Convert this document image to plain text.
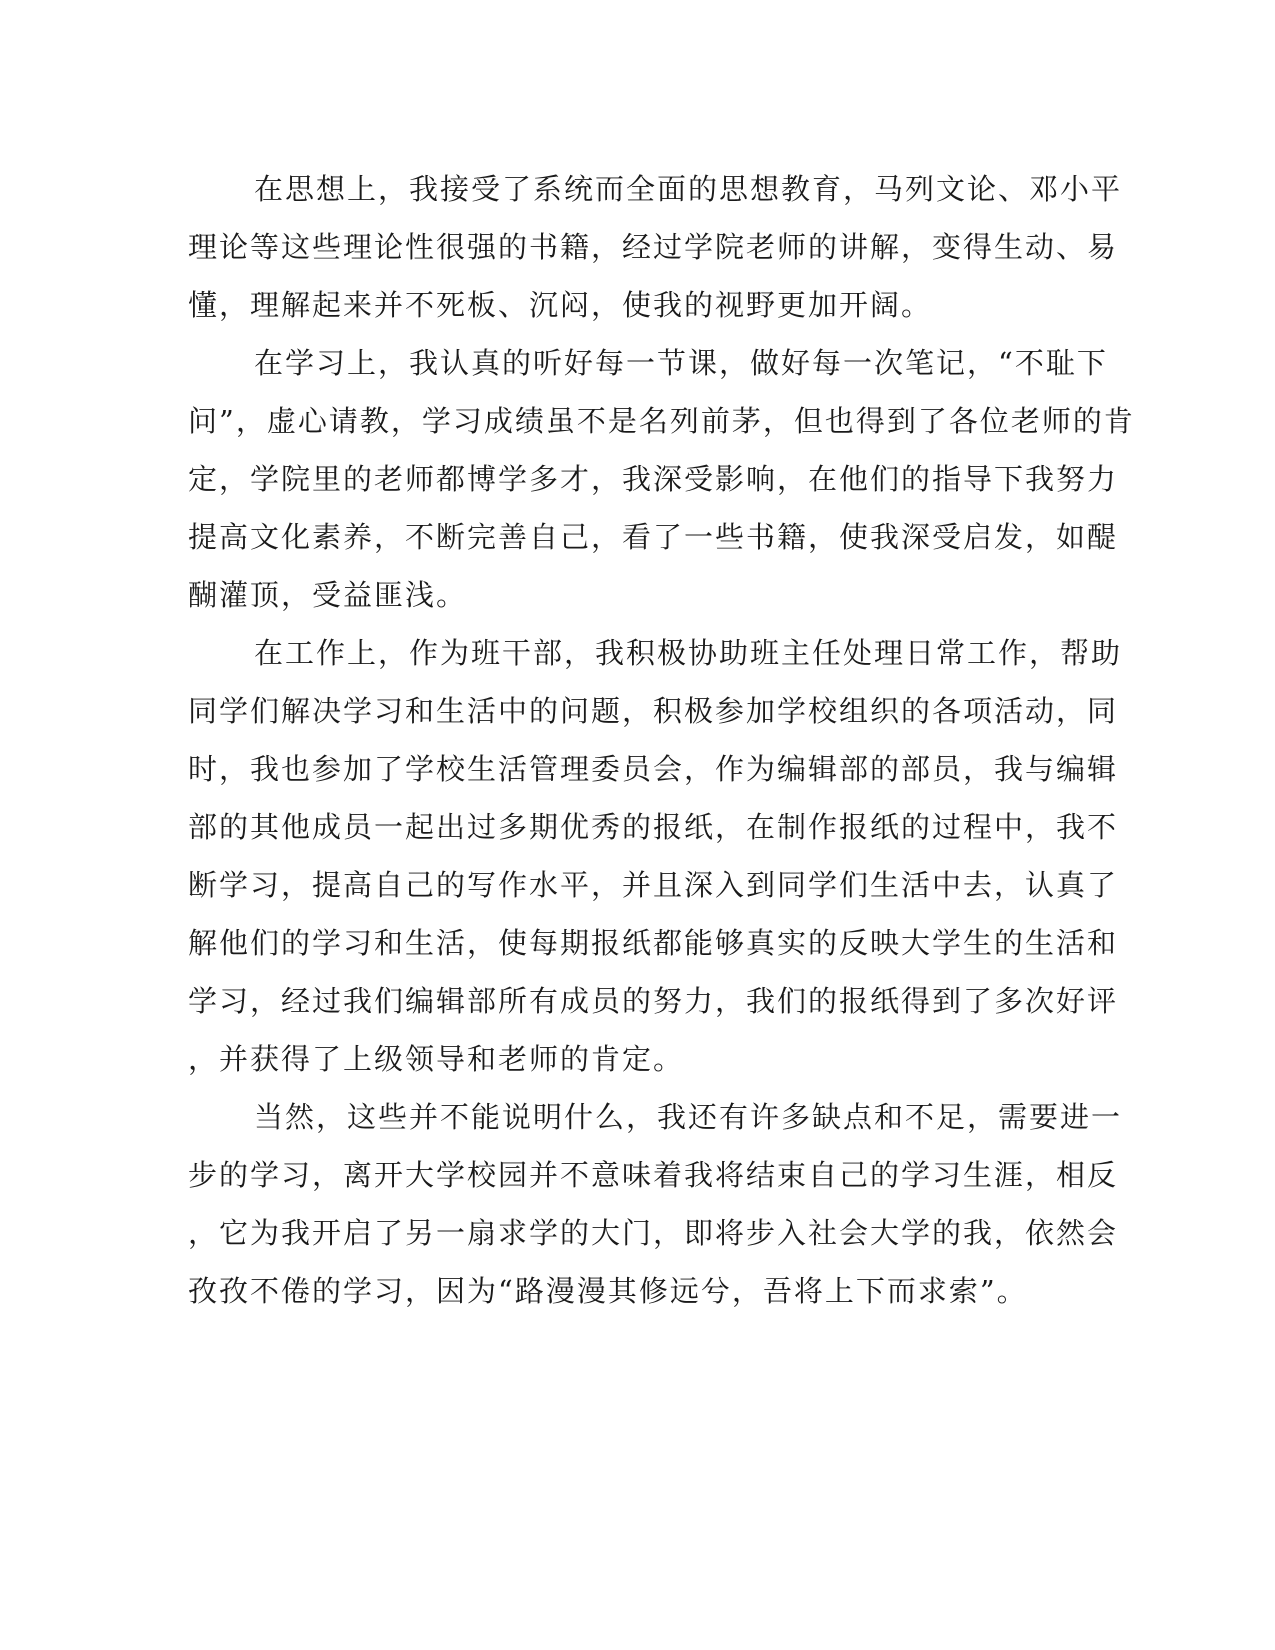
在思想上，我接受了系统而全面的思想教育，马列文论、邓小平
理论等这些理论性很强的书籍，经过学院老师的讲解，变得生动、易
懂，理解起来并不死板、沉闷，使我的视野更加开阔。
在学习上，我认真的听好每一节课，做好每一次笔记，“不耻下
问”，虚心请教，学习成绩虽不是名列前茅，但也得到了各位老师的肯
定，学院里的老师都博学多才，我深受影响，在他们的指导下我努力
提高文化素养，不断完善自己，看了一些书籍，使我深受启发，如醍
醐灌顶，受益匪浅。
在工作上，作为班干部，我积极协助班主任处理日常工作，帮助
同学们解决学习和生活中的问题，积极参加学校组织的各项活动，同
时，我也参加了学校生活管理委员会，作为编辑部的部员，我与编辑
部的其他成员一起出过多期优秀的报纸，在制作报纸的过程中，我不
断学习，提高自己的写作水平，并且深入到同学们生活中去，认真了
解他们的学习和生活，使每期报纸都能够真实的反映大学生的生活和
学习，经过我们编辑部所有成员的努力，我们的报纸得到了多次好评
，并获得了上级领导和老师的肯定。
当然，这些并不能说明什么，我还有许多缺点和不足，需要进一
步的学习，离开大学校园并不意味着我将结束自己的学习生涯，相反
，它为我开启了另一扇求学的大门，即将步入社会大学的我，依然会
孜孜不倦的学习，因为“路漫漫其修远兮，吾将上下而求索”。
